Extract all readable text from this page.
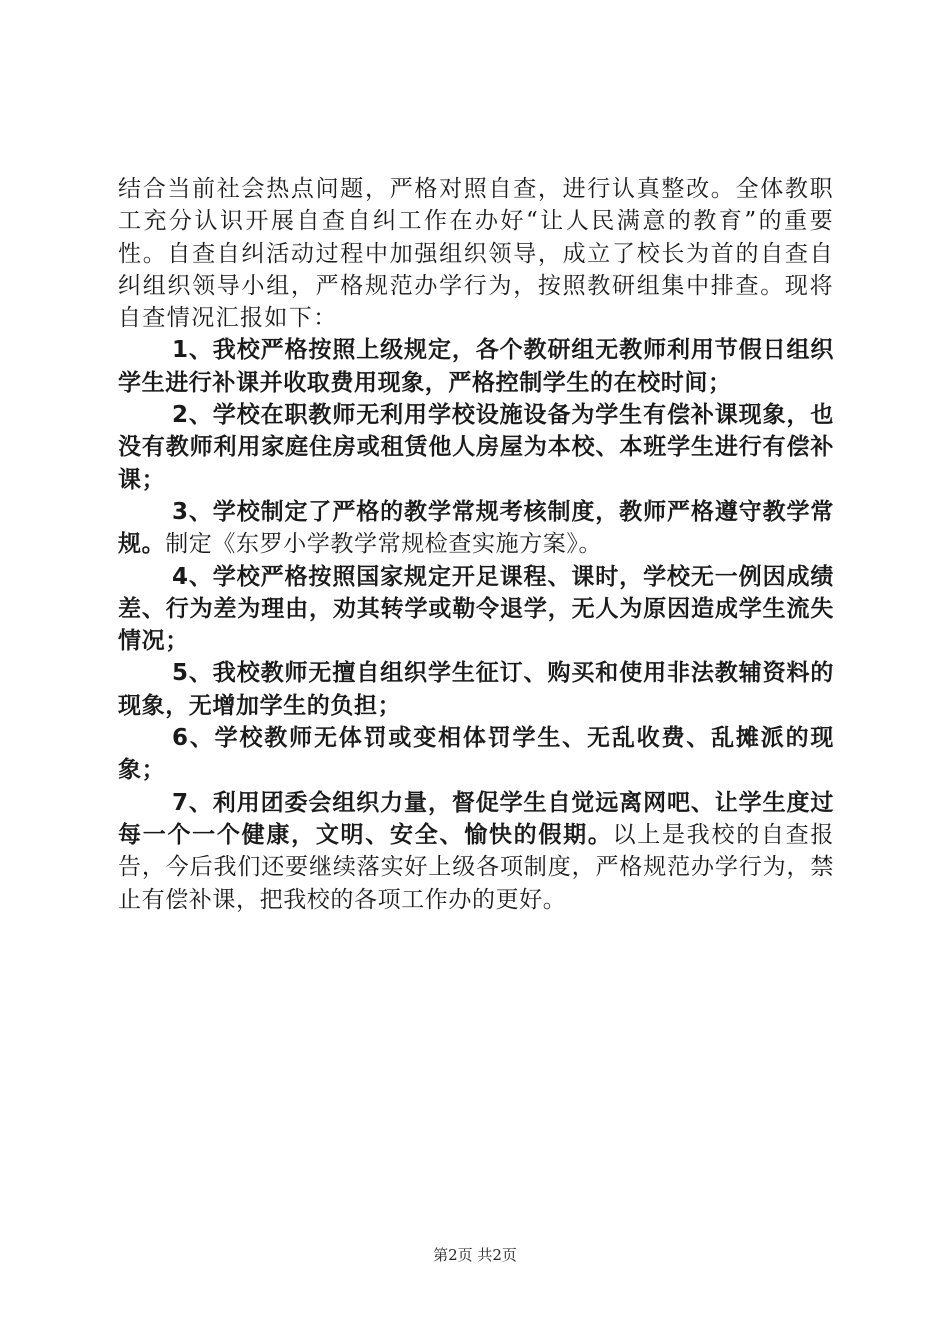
结合当前社会热点问题，严格对照自查，进行认真整改。全体教职工充分认识开展自查自纠工作在办好“让人民满意的教育”的重要性。自查自纠活动过程中加强组织领导，成立了校长为首的自查自纠组织领导小组，严格规范办学行为，按照教研组集中排查。现将自查情况汇报如下：

1、我校严格按照上级规定，各个教研组无教师利用节假日组织学生进行补课并收取费用现象，严格控制学生的在校时间；

2、学校在职教师无利用学校设施设备为学生有偿补课现象，也没有教师利用家庭住房或租赁他人房屋为本校、本班学生进行有偿补课；

3、学校制定了严格的教学常规考核制度，教师严格遵守教学常规。制定《东罗小学教学常规检查实施方案》。

4、学校严格按照国家规定开足课程、课时，学校无一例因成绩差、行为差为理由，劝其转学或勒令退学，无人为原因造成学生流失情况；

5、我校教师无擅自组织学生征订、购买和使用非法教辅资料的现象，无增加学生的负担；

6、学校教师无体罚或变相体罚学生、无乱收费、乱摊派的现象；

7、利用团委会组织力量，督促学生自觉远离网吧、让学生度过每一个一个健康，文明、安全、愉快的假期。以上是我校的自查报告，今后我们还要继续落实好上级各项制度，严格规范办学行为，禁止有偿补课，把我校的各项工作办的更好。

第2页 共2页
